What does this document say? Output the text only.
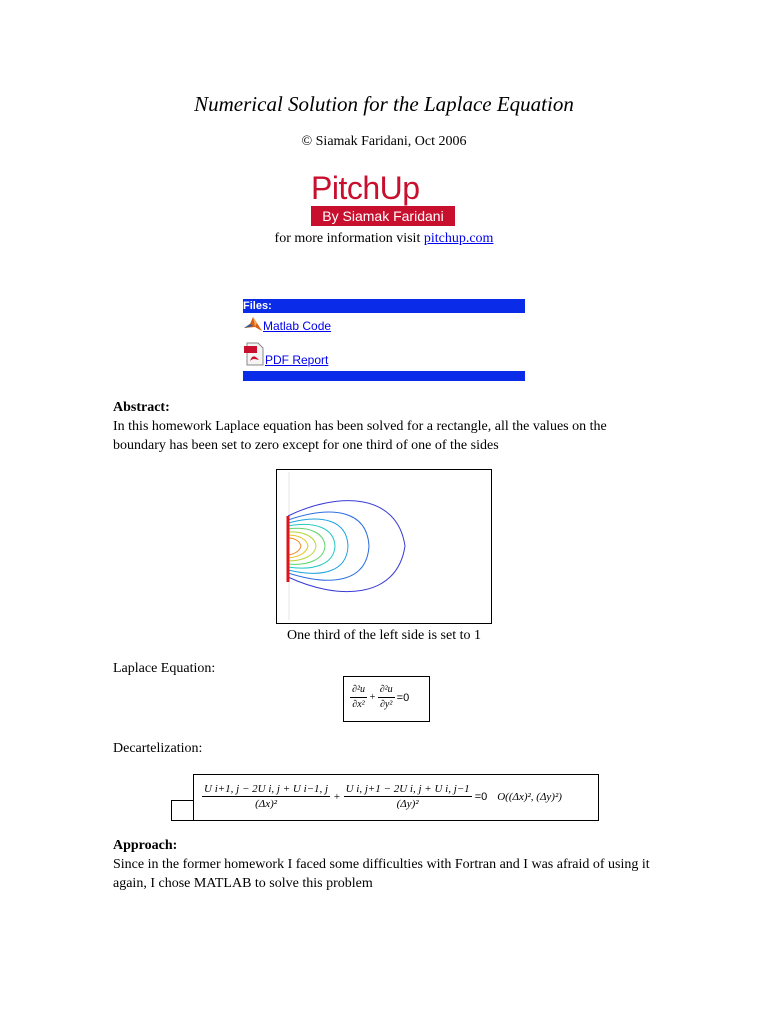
Numerical Solution for the Laplace Equation
© Siamak Faridani, Oct 2006
PitchUp
By Siamak Faridani
for more information visit pitchup.com
Files:
Matlab Code
PDF Report
Abstract:
In this homework Laplace equation has been solved for a rectangle, all the values on the boundary has been set to zero except for one third of one of the sides
One third of the left side is set to 1
Laplace Equation:
$\frac{\text{∂²u}}{\text{∂x²}} + \frac{\text{∂²u}}{\text{∂y²}} =0$
Decartelization:
$\frac{\text{U i+1, j − 2U i, j + U i−1, j}}{\text{(Δx)²}} + \frac{\text{U i, j+1 − 2U i, j + U i, j−1}}{\text{(Δy)²}} =0$ O((Δx)², (Δy)²)
Approach:
Since in the former homework I faced some difficulties with Fortran and I was afraid of using it again, I chose MATLAB to solve this problem
